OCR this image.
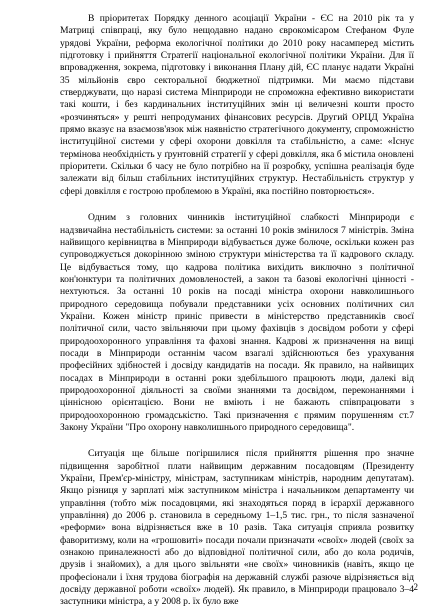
В пріоритетах Порядку денного асоціації України - ЄС на 2010 рік та у Матриці співпраці, яку було нещодавно надано єврокомісаром Стефаном Фуле урядові України, реформа екологічної політики до 2010 року насамперед містить підготовку і прийняття Стратегії національної екологічної політики України. Для її впровадження, зокрема, підготовку і виконання Плану дій, ЄС планує надати Україні 35 мільйонів євро секторальної бюджетної підтримки. Ми маємо підстави стверджувати, що наразі система Мінприроди не спроможна ефективно використати такі кошти, і без кардинальних інституційних змін ці величезні кошти просто «розчиняться» у решті непродуманих фінансових ресурсів. Другий ОРЦД Україна прямо вказує на взаємозв'язок між наявністю стратегічного документу, спроможністю інституційної системи у сфері охорони довкілля та стабільністю, а саме: «Існує термінова необхідність у ґрунтовній стратегії у сфері довкілля, яка б містила оновлені пріоритети. Скільки б часу не було потрібно на її розробку, успішна реалізація буде залежати від більш стабільних інституційних структур. Нестабільність структур у сфері довкілля є гострою проблемою в Україні, яка постійно повторюється».

Одним з головних чинників інституційної слабкості Мінприроди є надзвичайна нестабільність системи: за останні 10 років змінилося 7 міністрів. Зміна найвищого керівництва в Мінприроди відбувається дуже болюче, оскільки кожен раз супроводжується докорінною зміною структури міністерства та її кадрового складу. Це відбувається тому, що кадрова політика вихідить виключно з політичної кон'юнктури та політичних домовленостей, а закон та базові екологічні цінності - нехтуються. За останні 10 років на посаді міністра охорони навколишнього природного середовища побували представники усіх основних політичних сил України. Кожен міністр приніс привести в міністерство представників своєї політичної сили, часто звільняючи при цьому фахівців з досвідом роботи у сфері природоохоронного управління та фахові знання. Кадрові ж призначення на вищі посади в Мінприроди останнім часом взагалі здійснюються без урахування професійних здібностей і досвіду кандидатів на посади. Як правило, на найвищих посадах в Мінприроди в останні роки здебільшого працюють люди, далекі від природоохоронної діяльності за своїми знаннями та досвідом, переконаннями і ціннісною орієнтацією. Вони не вміють і не бажають співпрацювати з природоохоронною громадськістю. Такі призначення є прямим порушенням ст.7 Закону України "Про охорону навколишнього природного середовища".

Ситуація ще більше погіршилися після прийняття рішення про значне підвищення заробітної плати найвищим державним посадовцям (Президенту України, Прем'єр-міністру, міністрам, заступникам міністрів, народним депутатам). Якщо різниця у зарплаті між заступником міністра і начальником департаменту чи управління (тобто між посадовцями, які знаходяться поряд в ієрархії державного управління) до 2006 р. становила в середньому 1–1,5 тис. грн., то після зазначеної «реформи» вона відрізняється вже в 10 разів. Така ситуація сприяла розвитку фаворитизму, коли на «грошовиті» посади почали призначати «своїх» людей (своїх за ознакою приналежності або до відповідної політичної сили, або до кола родичів, друзів і знайомих), а для цього звільняти «не своїх» чиновників (навіть, якщо це професіонали і їхня трудова біографія на державній службі разюче відрізняється від досвіду державної роботи «своїх» людей). Як правило, в Мінприроди працювало 3–4 заступники міністра, а у 2008 р. їх було вже

2
